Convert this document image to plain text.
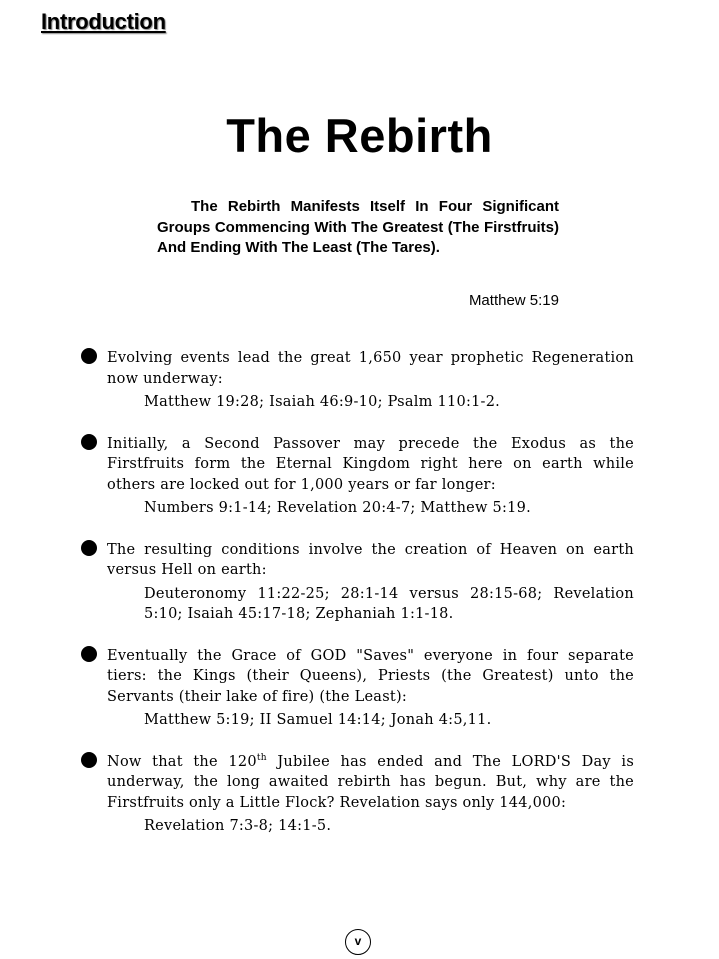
Introduction
The Rebirth

The Rebirth Manifests Itself In Four Significant Groups Commencing With The Greatest (The Firstfruits) And Ending With The Least (The Tares).

Matthew 5:19

Evolving events lead the great 1,650 year prophetic Regeneration now underway:

Matthew 19:28; Isaiah 46:9-10; Psalm 110:1-2.

Initially, a Second Passover may precede the Exodus as the Firstfruits form the Eternal Kingdom right here on earth while others are locked out for 1,000 years or far longer:

Numbers 9:1-14; Revelation 20:4-7; Matthew 5:19.

The resulting conditions involve the creation of Heaven on earth versus Hell on earth:

Deuteronomy 11:22-25; 28:1-14 versus 28:15-68; Revelation 5:10; Isaiah 45:17-18; Zephaniah 1:1-18.

Eventually the Grace of GOD "Saves" everyone in four separate tiers: the Kings (their Queens), Priests (the Greatest) unto the Servants (their lake of fire) (the Least):

Matthew 5:19; II Samuel 14:14; Jonah 4:5,11.

Now that the 120th Jubilee has ended and The LORD'S Day is underway, the long awaited rebirth has begun. But, why are the Firstfruits only a Little Flock? Revelation says only 144,000:

Revelation 7:3-8; 14:1-5.

v
